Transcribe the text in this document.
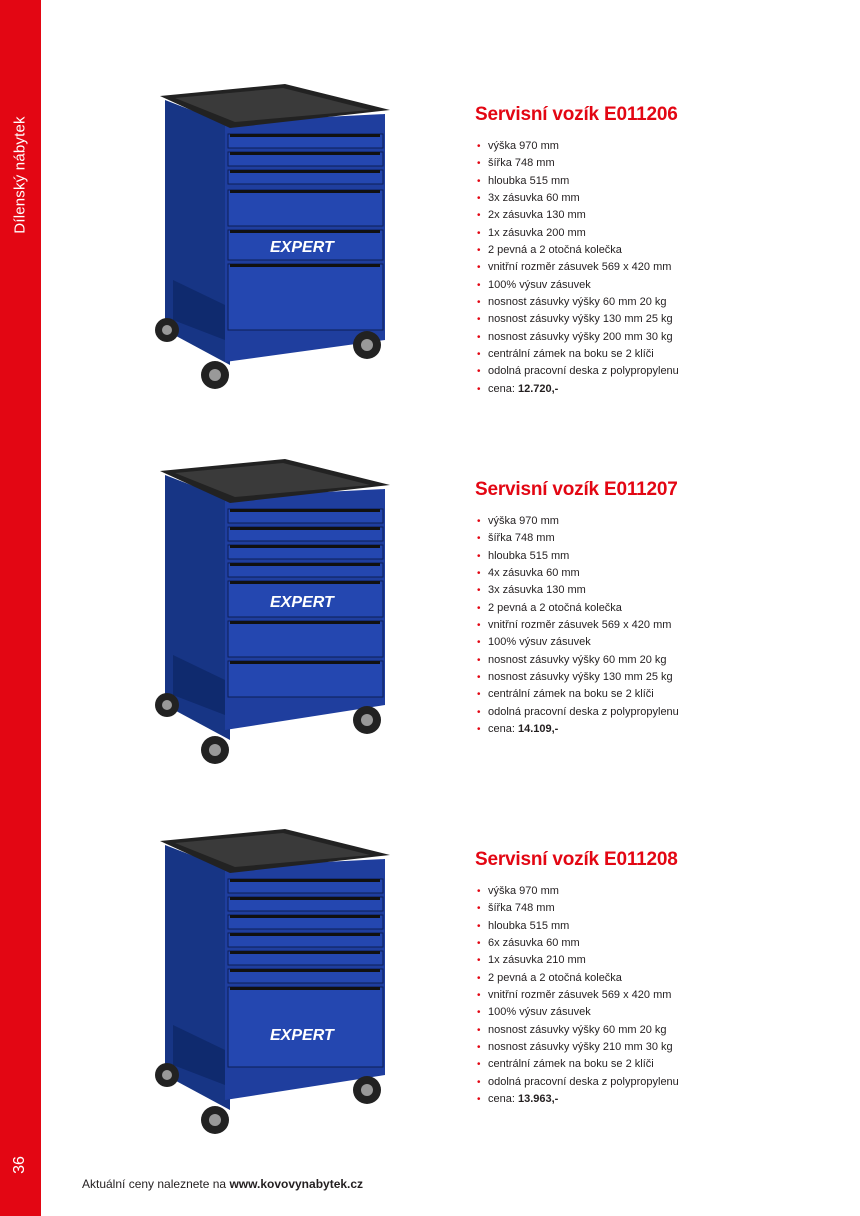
Dílenský nábytek
36
EXPERT
Servisní vozík E011206
• výška 970 mm
• šířka 748 mm
• hloubka 515 mm
• 3x zásuvka 60 mm
• 2x zásuvka 130 mm
• 1x zásuvka 200 mm
• 2 pevná a 2 otočná kolečka
• vnitřní rozměr zásuvek 569 x 420 mm
• 100% výsuv zásuvek
• nosnost zásuvky výšky 60 mm 20 kg
• nosnost zásuvky výšky 130 mm 25 kg
• nosnost zásuvky výšky 200 mm 30 kg
• centrální zámek na boku se 2 klíči
• odolná pracovní deska z polypropylenu
• cena: 12.720,-
EXPERT
Servisní vozík E011207
• výška 970 mm
• šířka 748 mm
• hloubka 515 mm
• 4x zásuvka 60 mm
• 3x zásuvka 130 mm
• 2 pevná a 2 otočná kolečka
• vnitřní rozměr zásuvek 569 x 420 mm
• 100% výsuv zásuvek
• nosnost zásuvky výšky 60 mm 20 kg
• nosnost zásuvky výšky 130 mm 25 kg
• centrální zámek na boku se 2 klíči
• odolná pracovní deska z polypropylenu
• cena: 14.109,-
EXPERT
Servisní vozík E011208
• výška 970 mm
• šířka 748 mm
• hloubka 515 mm
• 6x zásuvka 60 mm
• 1x zásuvka 210 mm
• 2 pevná a 2 otočná kolečka
• vnitřní rozměr zásuvek 569 x 420 mm
• 100% výsuv zásuvek
• nosnost zásuvky výšky 60 mm 20 kg
• nosnost zásuvky výšky 210 mm 30 kg
• centrální zámek na boku se 2 klíči
• odolná pracovní deska z polypropylenu
• cena: 13.963,-
Aktuální ceny naleznete na www.kovovynabytek.cz
